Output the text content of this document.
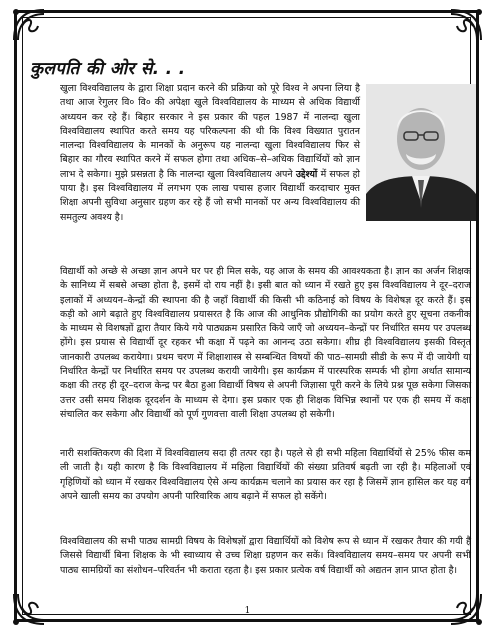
कुलपति की ओर से. . .
खुला विश्वविद्यालय के द्वारा शिक्षा प्रदान करने की प्रक्रिया को पूरे विश्व ने अपना लिया है तथा आज रेगुलर वि० वि० की अपेक्षा खुले विश्वविद्यालय के माध्यम से अधिक विद्यार्थी अध्ययन कर रहे हैं। बिहार सरकार ने इस प्रकार की पहल 1987 में नालन्दा खुला विश्वविद्यालय स्थापित करते समय यह परिकल्पना की थी कि विश्व विख्यात पुरातन नालन्दा विश्वविद्यालय के मानकों के अनुरूप यह नालन्दा खुला विश्वविद्यालय फिर से बिहार का गौरव स्थापित करने में सफल होगा तथा अधिक–से–अधिक विद्यार्थियों को ज्ञान लाभ दे सकेगा। मुझे प्रसन्नता है कि नालन्दा खुला विश्वविद्यालय अपने उद्देश्यों में सफल हो पाया है। इस विश्वविद्यालय में लगभग एक लाख पचास हजार विद्यार्थी करदाचार मुक्त शिक्षा अपनी सुविधा अनुसार ग्रहण कर रहे हैं जो सभी मानकों पर अन्य विश्वविद्यालय की समतुल्य अवश्य है।
विद्यार्थी को अच्छे से अच्छा ज्ञान अपने घर पर ही मिल सके, यह आज के समय की आवश्यकता है। ज्ञान का अर्जन शिक्षक के सानिध्य में सबसे अच्छा होता है, इसमें दो राय नहीं है। इसी बात को ध्यान में रखते हुए इस विश्वविद्यालय ने दूर–दराज इलाकों में अध्ययन–केन्द्रों की स्थापना की है जहाँ विद्यार्थी की किसी भी कठिनाई को विषय के विशेषज्ञ दूर करते हैं। इस कड़ी को आगे बढ़ाते हुए विश्वविद्यालय प्रयासरत है कि आज की आधुनिक प्रौद्योगिकी का प्रयोग करते हुए सूचना तकनीक के माध्यम से विशषज्ञों द्वारा तैयार किये गये पाठ्यक्रम प्रसारित किये जाएँ जो अध्ययन–केन्द्रों पर निर्धारित समय पर उपलब्ध होंगे। इस प्रयास से विद्यार्थी दूर रहकर भी कक्षा में पढ़ने का आनन्द उठा सकेगा। शीघ्र ही विश्वविद्यालय इसकी विस्तृत जानकारी उपलब्ध करायेगा। प्रथम चरण में शिक्षाशास्त्र से सम्बन्धित विषयों की पाठ–सामग्री सीडी के रूप में दी जायेगी या निर्धारित केन्द्रों पर निर्धारित समय पर उपलब्ध करायी जायेगी। इस कार्यक्रम में पारस्परिक सम्पर्क भी होगा अर्थात सामान्य कक्षा की तरह ही दूर–दराज केन्द्र पर बैठा हुआ विद्यार्थी विषय से अपनी जिज्ञासा पूरी करने के लिये प्रश्न पूछ सकेगा जिसका उत्तर उसी समय शिक्षक दूरदर्शन के माध्यम से देगा। इस प्रकार एक ही शिक्षक विभिन्न स्थानों पर एक ही समय में कक्षा संचालित कर सकेगा और विद्यार्थी को पूर्ण गुणवत्ता वाली शिक्षा उपलब्ध हो सकेगी।
नारी सशक्तिकरण की दिशा में विश्वविद्यालय सदा ही तत्पर रहा है। पहले से ही सभी महिला विद्यार्थियों से 25% फीस कम ली जाती है। यही कारण है कि विश्वविद्यालय में महिला विद्यार्थियों की संख्या प्रतिवर्ष बढ़ती जा रही है। महिलाओं एवं गृहिणियों को ध्यान में रखकर विश्वविद्यालय ऐसे अन्य कार्यक्रम चलाने का प्रयास कर रहा है जिसमें ज्ञान हासिल कर यह वर्ग अपने खाली समय का उपयोग अपनी पारिवारिक आय बढ़ाने में सफल हो सकेंगे।
विश्वविद्यालय की सभी पाठ्य सामग्री विषय के विशेषज्ञों द्वारा विद्यार्थियों को विशेष रूप से ध्यान में रखकर तैयार की गयी है जिससे विद्यार्थी बिना शिक्षक के भी स्वाध्याय से उच्च शिक्षा ग्रहणन कर सकें। विश्वविद्यालय समय–समय पर अपनी सभी पाठ्य सामग्रियों का संशोधन–परिवर्तन भी कराता रहता है। इस प्रकार प्रत्येक वर्ष विद्यार्थी को अद्यतन ज्ञान प्राप्त होता है।
1
